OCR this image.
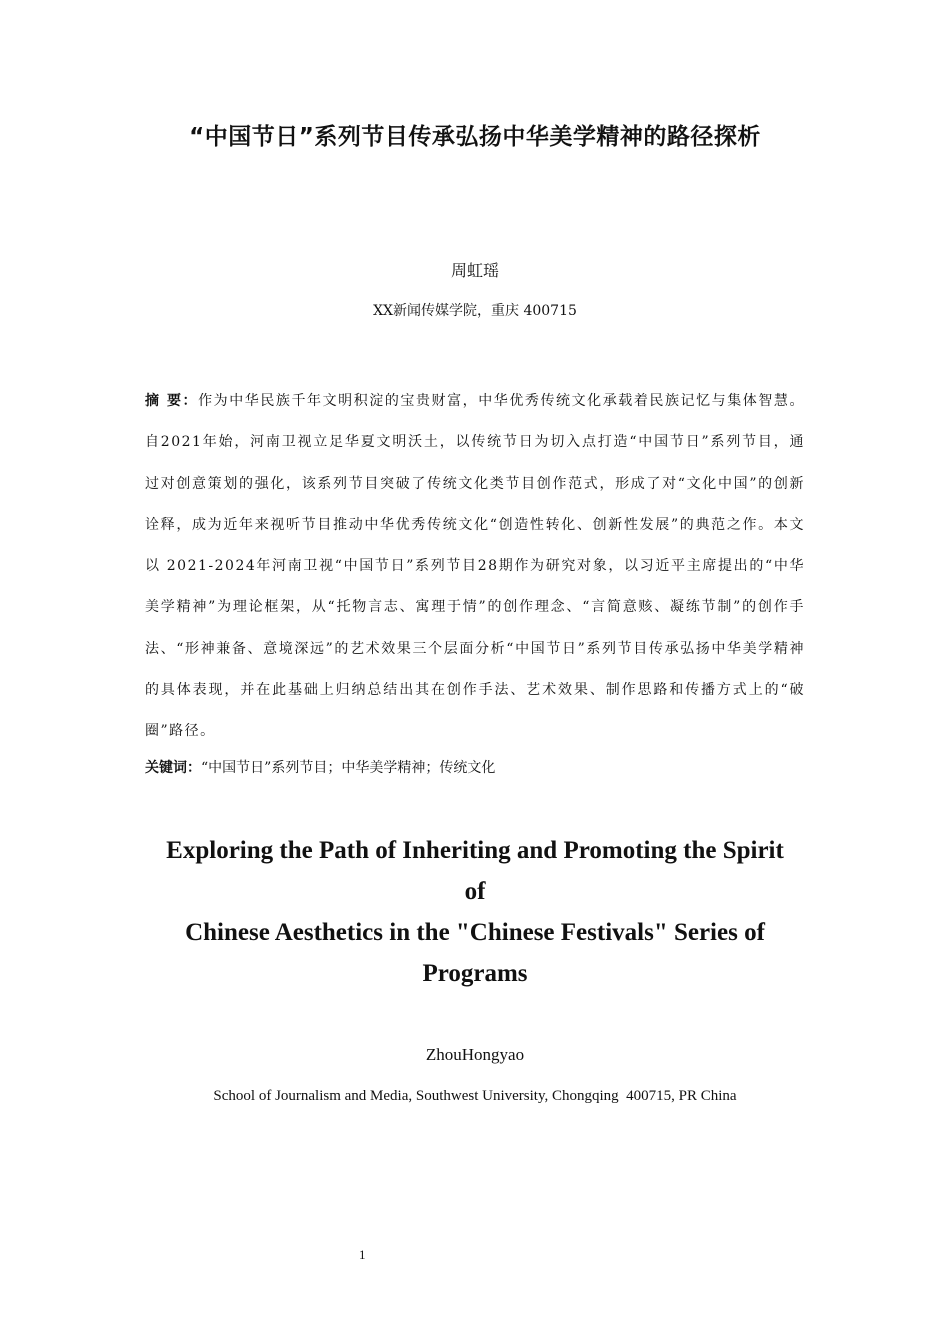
“中国节日”系列节目传承弘扬中华美学精神的路径探析
周虹瑶
XX新闻传媒学院，重庆 400715

摘 要：作为中华民族千年文明积淀的宝贵财富，中华优秀传统文化承载着民族记忆与集体智慧。自2021年始，河南卫视立足华夏文明沃土，以传统节日为切入点打造“中国节日”系列节目，通过对创意策划的强化，该系列节目突破了传统文化类节目创作范式，形成了对“文化中国”的创新诠释，成为近年来视听节目推动中华优秀传统文化“创造性转化、创新性发展”的典范之作。本文以 2021-2024年河南卫视“中国节日”系列节目28期作为研究对象，以习近平主席提出的“中华美学精神”为理论框架，从“托物言志、寓理于情”的创作理念、“言简意赅、凝练节制”的创作手法、“形神兼备、意境深远”的艺术效果三个层面分析“中国节日”系列节目传承弘扬中华美学精神的具体表现，并在此基础上归纳总结出其在创作手法、艺术效果、制作思路和传播方式上的“破圈”路径。

关键词：“中国节日”系列节目；中华美学精神；传统文化

Exploring the Path of Inheriting and Promoting the Spirit
of
Chinese Aesthetics in the "Chinese Festivals" Series of
Programs
ZhouHongyao
School of Journalism and Media, Southwest University, Chongqing  400715, PR China
1
